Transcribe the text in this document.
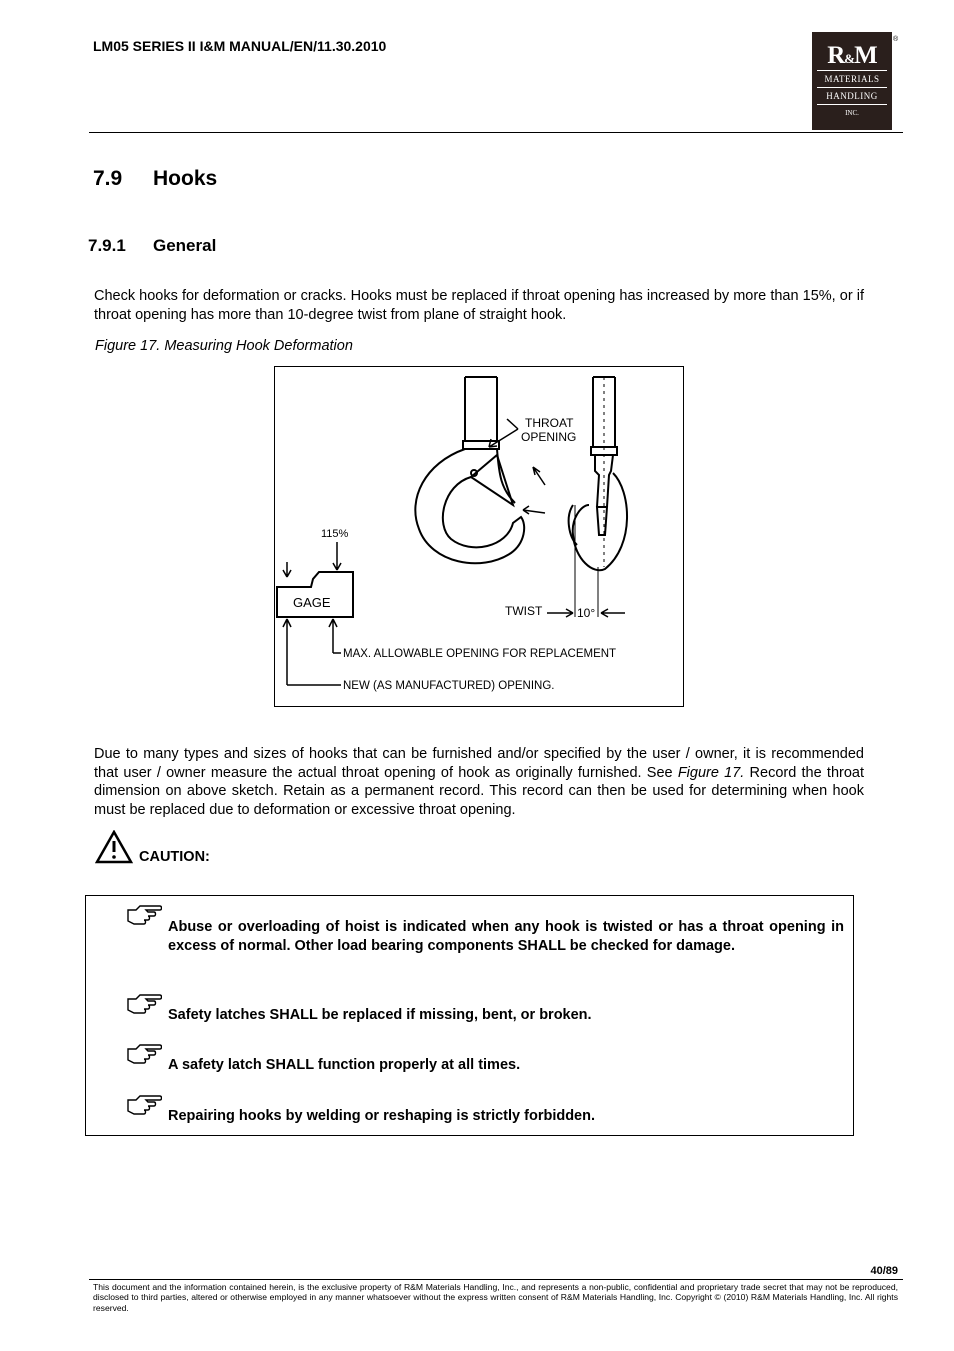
LM05 SERIES II I&M MANUAL/EN/11.30.2010	R&M
MATERIALS
HANDLING
INC.
®
7.9 Hooks
7.9.1 General
Check hooks for deformation or cracks. Hooks must be replaced if throat opening has increased by more than 15%, or if throat opening has more than 10-degree twist from plane of straight hook.
Figure 17. Measuring Hook Deformation
THROAT
OPENING
TWIST	10°
115%
GAGE
MAX. ALLOWABLE OPENING FOR REPLACEMENT
NEW (AS MANUFACTURED) OPENING.
Due to many types and sizes of hooks that can be furnished and/or specified by the user / owner, it is recommended that user / owner measure the actual throat opening of hook as originally furnished. See Figure 17. Record the throat dimension on above sketch. Retain as a permanent record. This record can then be used for determining when hook must be replaced due to deformation or excessive throat opening.
CAUTION:
Abuse or overloading of hoist is indicated when any hook is twisted or has a throat opening in excess of normal. Other load bearing components SHALL be checked for damage.
Safety latches SHALL be replaced if missing, bent, or broken.
A safety latch SHALL function properly at all times.
Repairing hooks by welding or reshaping is strictly forbidden.
40/89
This document and the information contained herein, is the exclusive property of R&M Materials Handling, Inc., and represents a non-public, confidential and proprietary trade secret that may not be reproduced, disclosed to third parties, altered or otherwise employed in any manner whatsoever without the express written consent of R&M Materials Handling, Inc. Copyright © (2010) R&M Materials Handling, Inc. All rights reserved.
